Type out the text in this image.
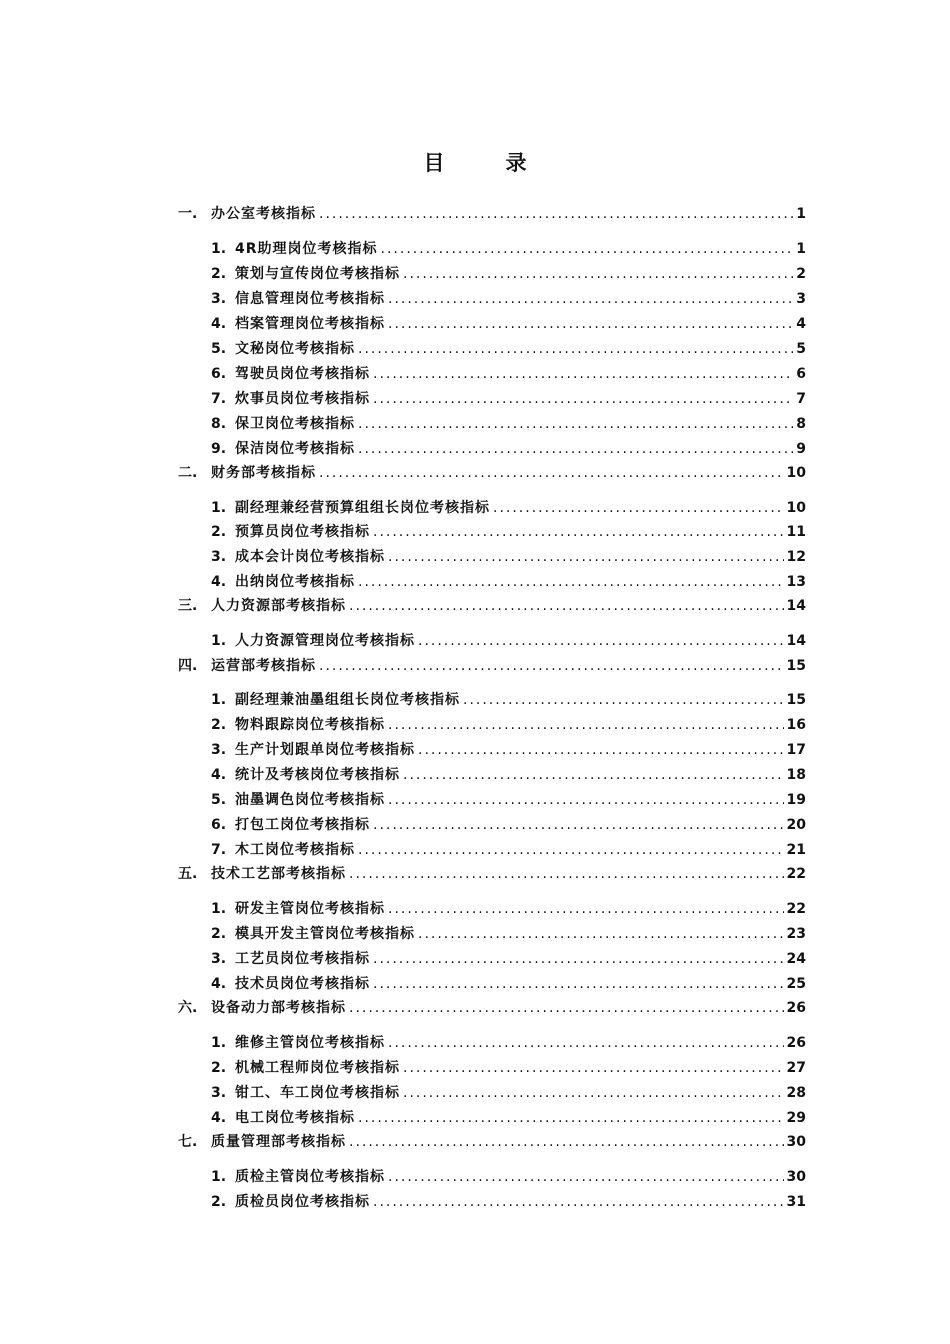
目　录
一. 办公室考核指标 .....	1
1. 4R助理岗位考核指标 .....	1
2. 策划与宣传岗位考核指标 .....	2
3. 信息管理岗位考核指标 .....	3
4. 档案管理岗位考核指标 .....	4
5. 文秘岗位考核指标 .....	5
6. 驾驶员岗位考核指标 .....	6
7. 炊事员岗位考核指标 .....	7
8. 保卫岗位考核指标 .....	8
9. 保洁岗位考核指标 .....	9
二. 财务部考核指标 .....	10
1. 副经理兼经营预算组组长岗位考核指标 .....	10
2. 预算员岗位考核指标 .....	11
3. 成本会计岗位考核指标 .....	12
4. 出纳岗位考核指标 .....	13
三. 人力资源部考核指标 .....	14
1. 人力资源管理岗位考核指标 .....	14
四. 运营部考核指标 .....	15
1. 副经理兼油墨组组长岗位考核指标 .....	15
2. 物料跟踪岗位考核指标 .....	16
3. 生产计划跟单岗位考核指标 .....	17
4. 统计及考核岗位考核指标 .....	18
5. 油墨调色岗位考核指标 .....	19
6. 打包工岗位考核指标 .....	20
7. 木工岗位考核指标 .....	21
五. 技术工艺部考核指标 .....	22
1. 研发主管岗位考核指标 .....	22
2. 模具开发主管岗位考核指标 .....	23
3. 工艺员岗位考核指标 .....	24
4. 技术员岗位考核指标 .....	25
六. 设备动力部考核指标 .....	26
1. 维修主管岗位考核指标 .....	26
2. 机械工程师岗位考核指标 .....	27
3. 钳工、车工岗位考核指标 .....	28
4. 电工岗位考核指标 .....	29
七. 质量管理部考核指标 .....	30
1. 质检主管岗位考核指标 .....	30
2. 质检员岗位考核指标 .....	31
